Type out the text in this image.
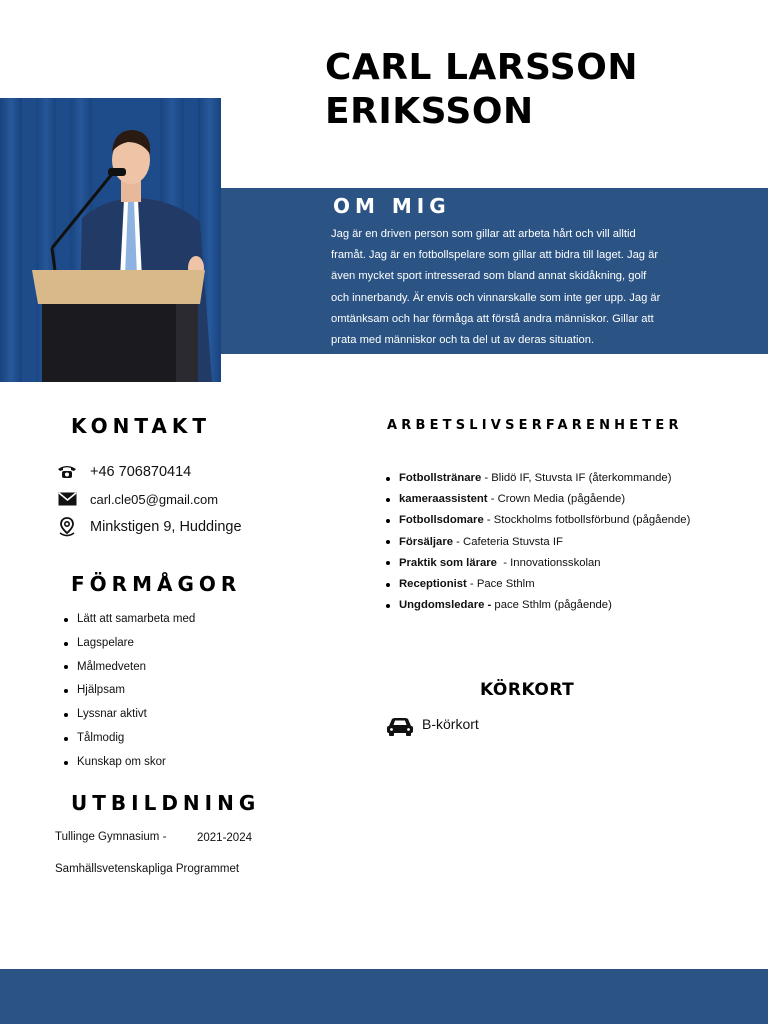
CARL LARSSON
ERIKSSON
OM MIG
Jag är en driven person som gillar att arbeta hårt och vill alltid
framåt. Jag är en fotbollspelare som gillar att bidra till laget. Jag är
även mycket sport intresserad som bland annat skidåkning, golf
och innerbandy. Är envis och vinnarskalle som inte ger upp. Jag är
omtänksam och har förmåga att förstå andra människor. Gillar att
prata med människor och ta del ut av deras situation.
KONTAKT
+46 706870414
carl.cle05@gmail.com
Minkstigen 9, Huddinge
FÖRMÅGOR
Lätt att samarbeta med
Lagspelare
Målmedveten
Hjälpsam
Lyssnar aktivt
Tålmodig
Kunskap om skor
UTBILDNING
Tullinge Gymnasium -	2021-2024
Samhällsvetenskapliga Programmet
ARBETSLIVSERFARENHETER
Fotbollstränare - Blidö IF, Stuvsta IF (återkommande)
kameraassistent - Crown Media (pågående)
Fotbollsdomare - Stockholms fotbollsförbund (pågående)
Försäljare - Cafeteria Stuvsta IF
Praktik som lärare  - Innovationsskolan
Receptionist - Pace Sthlm
Ungdomsledare - pace Sthlm (pågående)
KÖRKORT
B-körkort
